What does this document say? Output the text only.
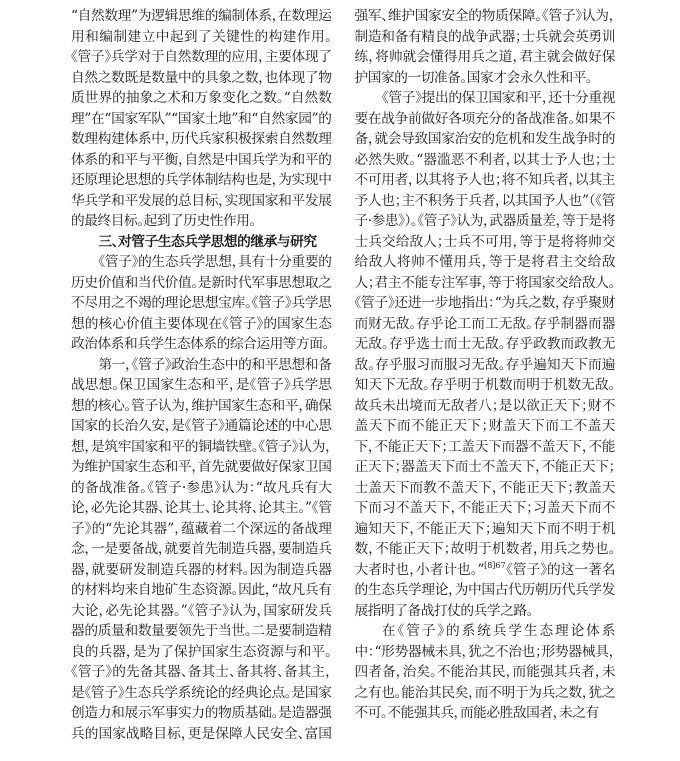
“自然数理”为逻辑思维的编制体系，在数理运用和编制建立中起到了关键性的构建作用。《管子》兵学对于自然数理的应用，主要体现了自然之数既是数量中的具象之数，也体现了物质世界的抽象之术和万象变化之数。“自然数理”在“国家军队”“国家土地”和“自然家园”的数理构建体系中，历代兵家积极探索自然数理体系的和平与平衡，自然是中国兵学为和平的还原理论思想的兵学体制结构也是，为实现中华兵学和平发展的总目标，实现国家和平发展的最终目标。起到了历史性作用。

三、对管子生态兵学思想的继承与研究

《管子》的生态兵学思想，具有十分重要的历史价值和当代价值。是新时代军事思想取之不尽用之不竭的理论思想宝库。《管子》兵学思想的核心价值主要体现在《管子》的国家生态政治体系和兵学生态体系的综合运用等方面。

第一，《管子》政治生态中的和平思想和备战思想。保卫国家生态和平，是《管子》兵学思想的核心。管子认为，维护国家生态和平，确保国家的长治久安，是《管子》通篇论述的中心思想，是筑牢国家和平的铜墙铁壁。《管子》认为，为维护国家生态和平，首先就要做好保家卫国的备战准备。《管子·参患》认为：“故凡兵有大论，必先论其器、论其士、论其将、论其主。”《管子》的“先论其器”，蕴藏着二个深远的备战理念，一是要备战，就要首先制造兵器，要制造兵器，就要研发制造兵器的材料。因为制造兵器的材料均来自地矿生态资源。因此，“故凡兵有大论，必先论其器。”《管子》认为，国家研发兵器的质量和数量要领先于当世。二是要制造精良的兵器，是为了保护国家生态资源与和平。《管子》的先备其器、备其士、备其将、备其主，是《管子》生态兵学系统论的经典论点。是国家创造力和展示军事实力的物质基础。是造器强兵的国家战略目标，更是保障人民安全、富国强军、维护国家安全的物质保障。《管子》认为，制造和备有精良的战争武器；士兵就会英勇训练，将帅就会懂得用兵之道，君主就会做好保护国家的一切准备。国家才会永久性和平。

《管子》提出的保卫国家和平，还十分重视要在战争前做好各项充分的备战准备。如果不备，就会导致国家治安的危机和发生战争时的必然失败。“器滥恶不利者，以其士予人也；士不可用者，以其将予人也；将不知兵者，以其主予人也；主不积务于兵者，以其国予人也”（《管子·参患》）。《管子》认为，武器质量差，等于是将士兵交给敌人；士兵不可用，等于是将将帅交给敌人将帅不懂用兵，等于是将君主交给敌人；君主不能专注军事，等于将国家交给敌人。《管子》还进一步地指出：“为兵之数，存乎聚财而财无敌。存乎论工而工无敌。存乎制器而器无敌。存乎选士而士无敌。存乎政教而政教无敌。存乎服习而服习无敌。存乎遍知天下而遍知天下无敌。存乎明于机数而明于机数无敌。故兵未出境而无敌者八；是以欲正天下；财不盖天下而不能正天下；财盖天下而工不盖天下，不能正天下；工盖天下而器不盖天下，不能正天下；器盖天下而士不盖天下，不能正天下；士盖天下而教不盖天下，不能正天下；教盖天下而习不盖天下，不能正天下；习盖天下而不遍知天下，不能正天下；遍知天下而不明于机数，不能正天下；故明于机数者，用兵之势也。大者时也，小者计也。”$^{[8]67}$《管子》的这一著名的生态兵学理论，为中国古代历朝历代兵学发展指明了备战打仗的兵学之路。

在《管子》的系统兵学生态理论体系中：“形势器械未具，犹之不治也；形势器械具，四者备，治矣。不能治其民，而能强其兵者，未之有也。能治其民矣，而不明于为兵之数，犹之不可。不能强其兵，而能必胜敌国者，未之有
